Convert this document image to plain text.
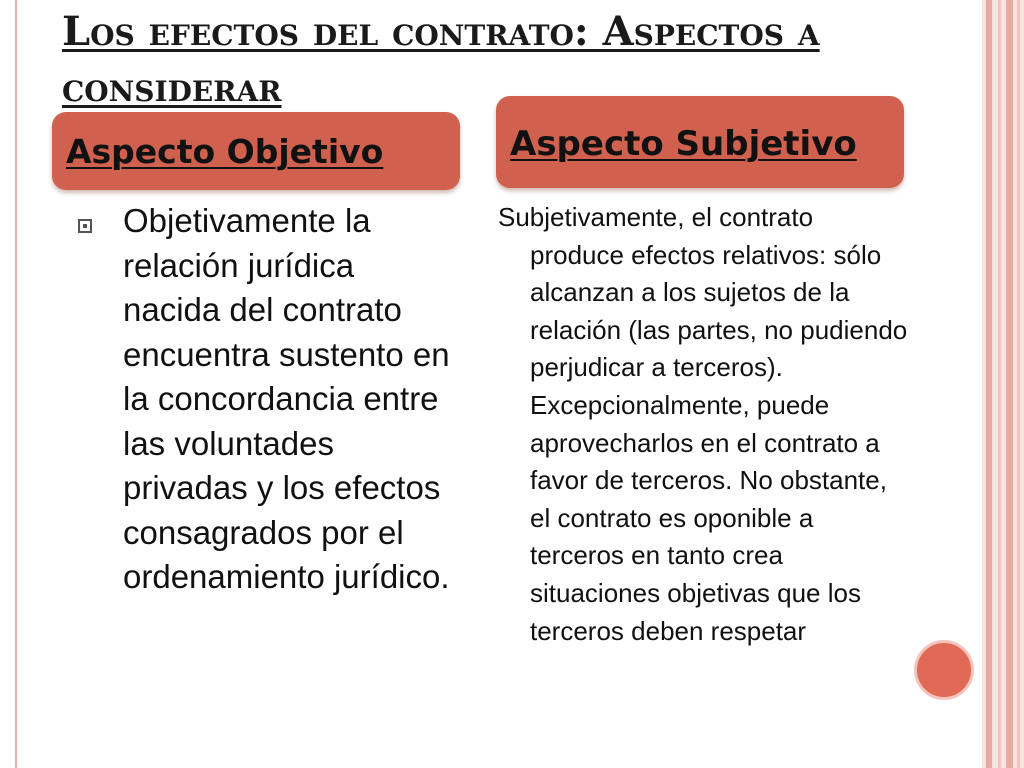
Los efectos del contrato: Aspectos a considerar
Aspecto Objetivo	Aspecto Subjetivo

Objetivamente la relación jurídica nacida del contrato encuentra sustento en la concordancia entre las voluntades privadas y los efectos consagrados por el ordenamiento jurídico.

Subjetivamente, el contrato produce efectos relativos: sólo alcanzan a los sujetos de la relación (las partes, no pudiendo perjudicar a terceros). Excepcionalmente, puede aprovecharlos en el contrato a favor de terceros. No obstante, el contrato es oponible a terceros en tanto crea situaciones objetivas que los terceros deben respetar
